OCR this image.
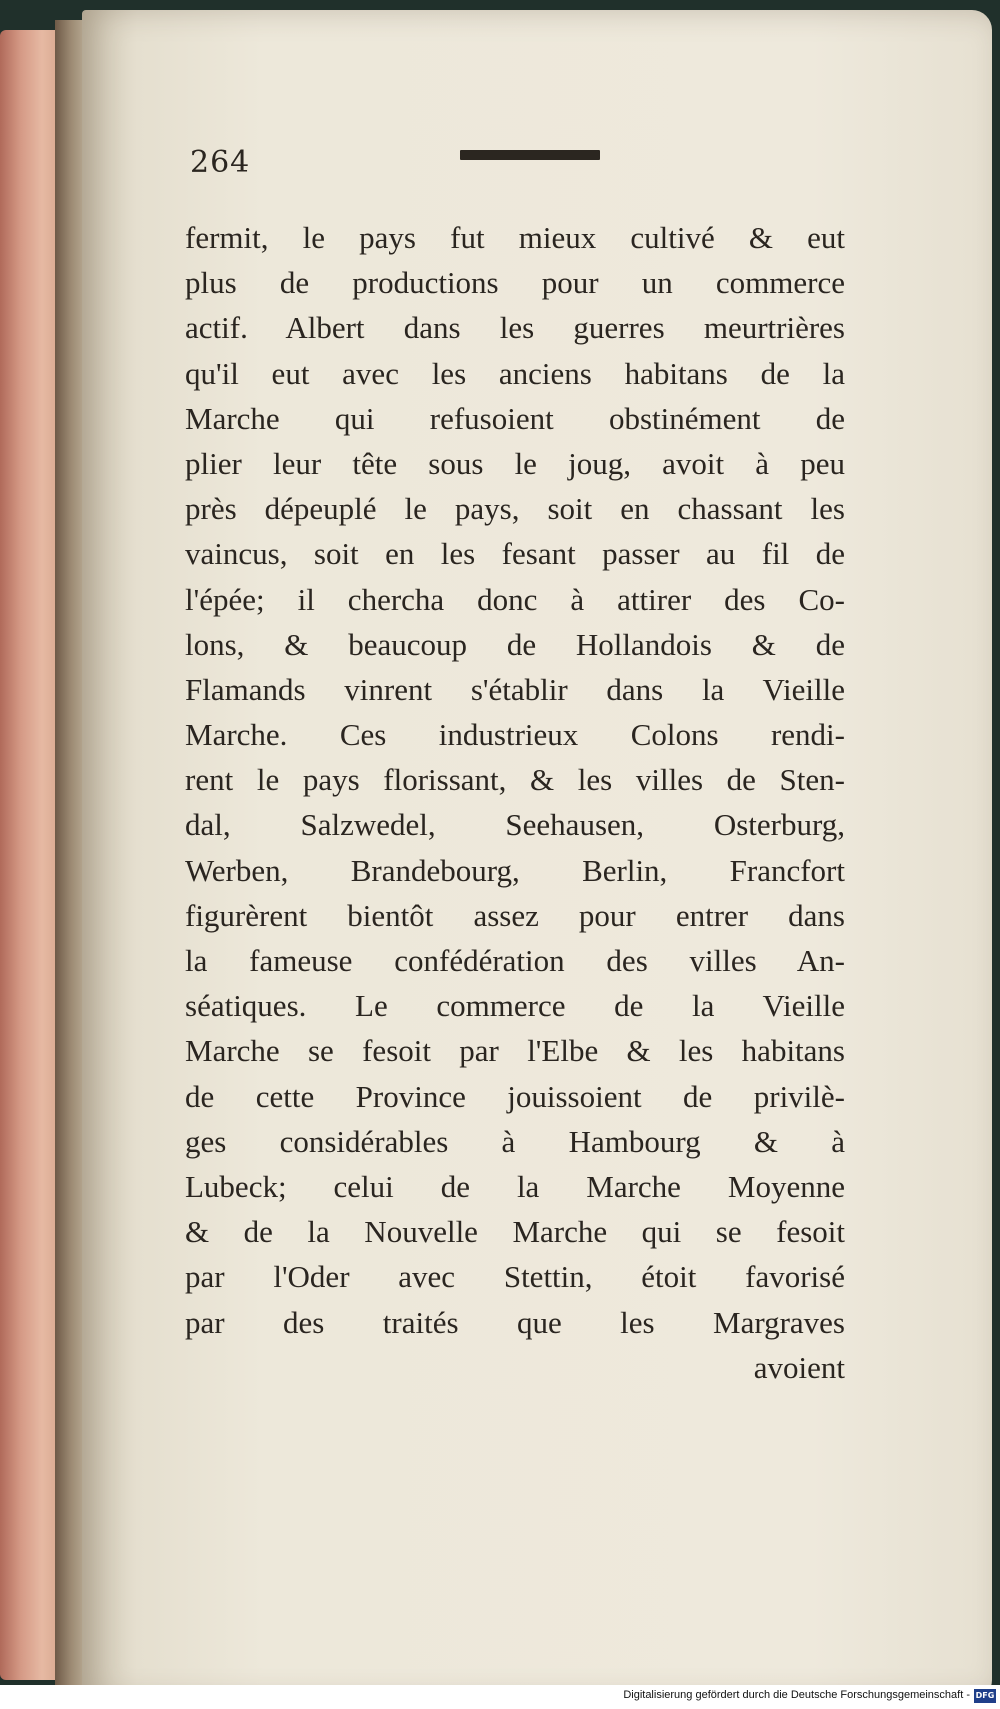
264
fermit, le pays fut mieux cultivé & eut
plus de productions pour un commerce
actif. Albert dans les guerres meurtrières
qu'il eut avec les anciens habitans de la
Marche qui refusoient obstinément de
plier leur tête sous le joug, avoit à peu
près dépeuplé le pays, soit en chassant les
vaincus, soit en les fesant passer au fil de
l'épée; il chercha donc à attirer des Co-
lons, & beaucoup de Hollandois & de
Flamands vinrent s'établir dans la Vieille
Marche. Ces industrieux Colons rendi-
rent le pays florissant, & les villes de Sten-
dal, Salzwedel, Seehausen, Osterburg,
Werben, Brandebourg, Berlin, Francfort
figurèrent bientôt assez pour entrer dans
la fameuse confédération des villes An-
séatiques. Le commerce de la Vieille
Marche se fesoit par l'Elbe & les habitans
de cette Province jouissoient de privilè-
ges considérables à Hambourg & à
Lubeck; celui de la Marche Moyenne
& de la Nouvelle Marche qui se fesoit
par l'Oder avec Stettin, étoit favorisé
par des traités que les Margraves
avoient
Digitalisierung gefördert durch die Deutsche Forschungsgemeinschaft - DFG
